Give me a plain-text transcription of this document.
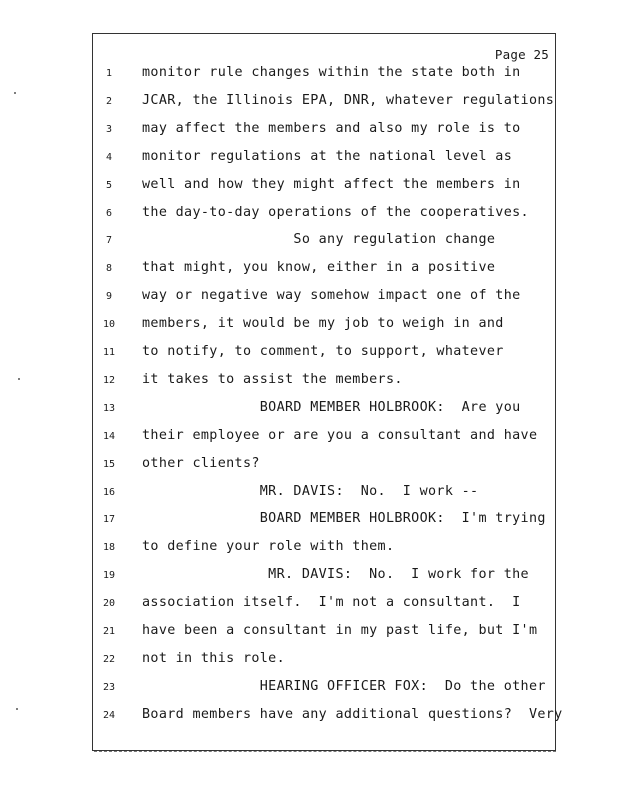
Page 25
1	monitor rule changes within the state both in
2	JCAR, the Illinois EPA, DNR, whatever regulations
3	may affect the members and also my role is to
4	monitor regulations at the national level as
5	well and how they might affect the members in
6	the day-to-day operations of the cooperatives.
7	So any regulation change
8	that might, you know, either in a positive
9	way or negative way somehow impact one of the
10	members, it would be my job to weigh in and
11	to notify, to comment, to support, whatever
12	it takes to assist the members.
13	BOARD MEMBER HOLBROOK:  Are you
14	their employee or are you a consultant and have
15	other clients?
16	MR. DAVIS:  No.  I work --
17	BOARD MEMBER HOLBROOK:  I'm trying
18	to define your role with them.
19	MR. DAVIS:  No.  I work for the
20	association itself.  I'm not a consultant.  I
21	have been a consultant in my past life, but I'm
22	not in this role.
23	HEARING OFFICER FOX:  Do the other
24	Board members have any additional questions?  Very
